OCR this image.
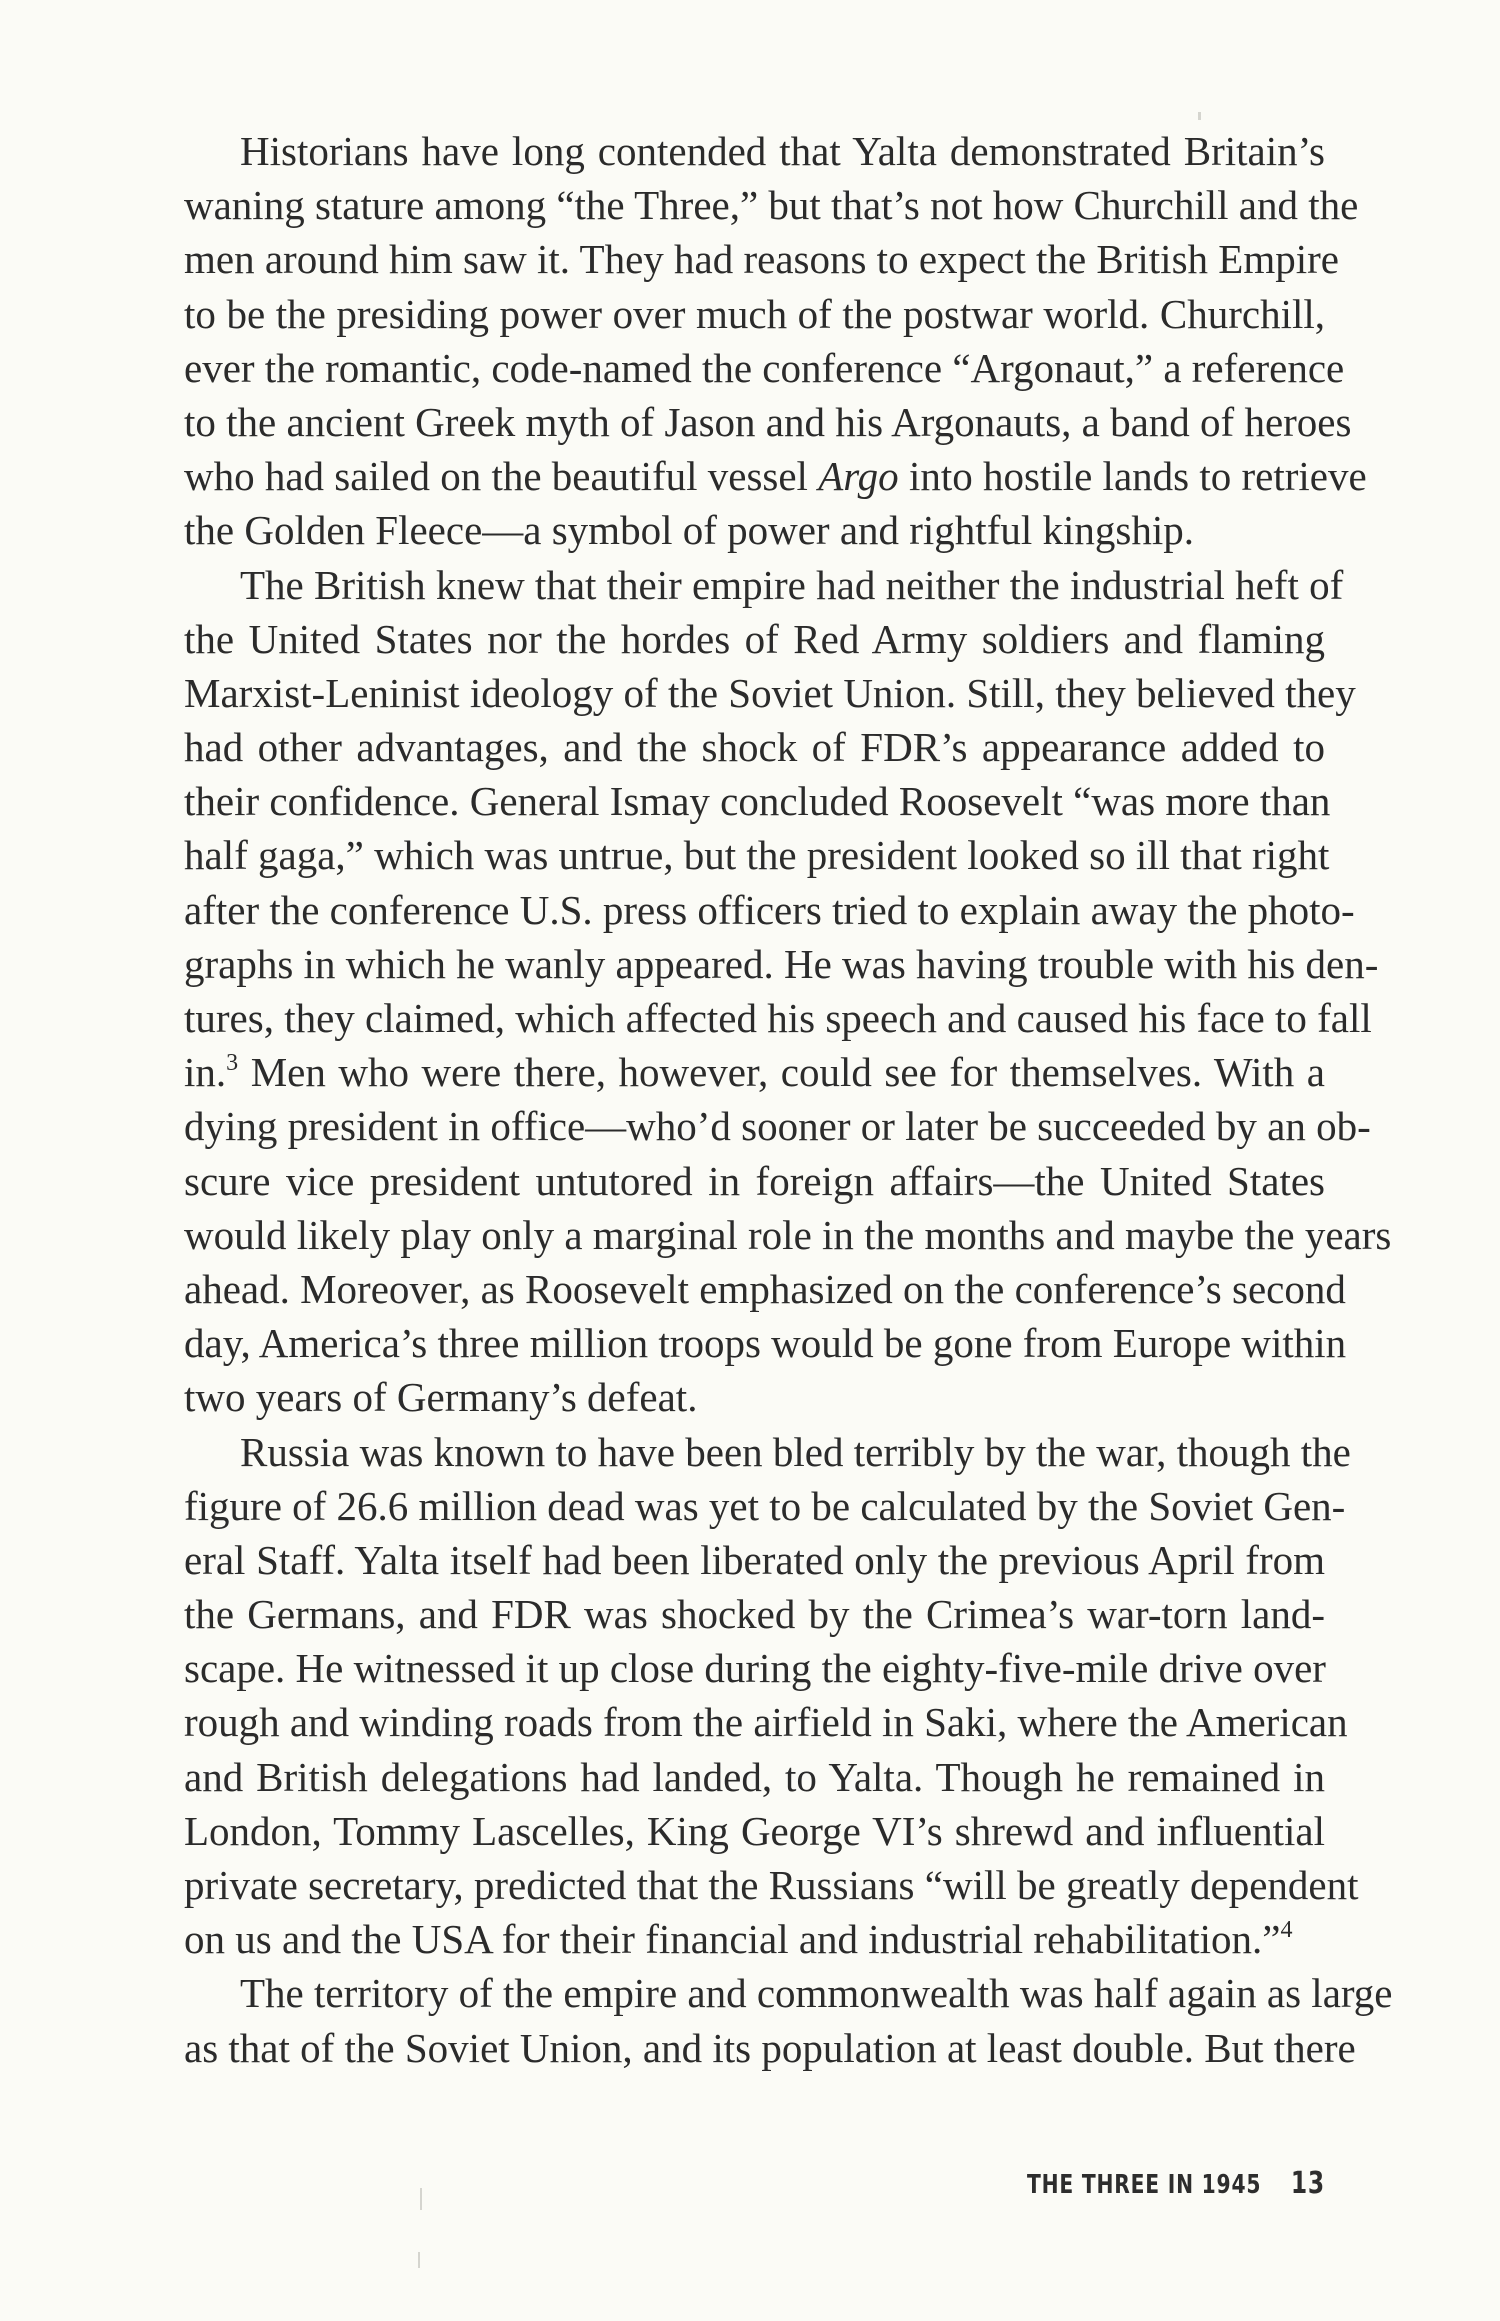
Historians have long contended that Yalta demonstrated Britain’s
waning stature among “the Three,” but that’s not how Churchill and the
men around him saw it. They had reasons to expect the British Empire
to be the presiding power over much of the postwar world. Churchill,
ever the romantic, code-named the conference “Argonaut,” a reference
to the ancient Greek myth of Jason and his Argonauts, a band of heroes
who had sailed on the beautiful vessel Argo into hostile lands to retrieve
the Golden Fleece—a symbol of power and rightful kingship.
The British knew that their empire had neither the industrial heft of
the United States nor the hordes of Red Army soldiers and flaming
Marxist-Leninist ideology of the Soviet Union. Still, they believed they
had other advantages, and the shock of FDR’s appearance added to
their confidence. General Ismay concluded Roosevelt “was more than
half gaga,” which was untrue, but the president looked so ill that right
after the conference U.S. press officers tried to explain away the photo-
graphs in which he wanly appeared. He was having trouble with his den-
tures, they claimed, which affected his speech and caused his face to fall
in.$^3$ Men who were there, however, could see for themselves. With a
dying president in office—who’d sooner or later be succeeded by an ob-
scure vice president untutored in foreign affairs—the United States
would likely play only a marginal role in the months and maybe the years
ahead. Moreover, as Roosevelt emphasized on the conference’s second
day, America’s three million troops would be gone from Europe within
two years of Germany’s defeat.
Russia was known to have been bled terribly by the war, though the
figure of 26.6 million dead was yet to be calculated by the Soviet Gen-
eral Staff. Yalta itself had been liberated only the previous April from
the Germans, and FDR was shocked by the Crimea’s war-torn land-
scape. He witnessed it up close during the eighty-five-mile drive over
rough and winding roads from the airfield in Saki, where the American
and British delegations had landed, to Yalta. Though he remained in
London, Tommy Lascelles, King George VI’s shrewd and influential
private secretary, predicted that the Russians “will be greatly dependent
on us and the USA for their financial and industrial rehabilitation.”$^4$
The territory of the empire and commonwealth was half again as large
as that of the Soviet Union, and its population at least double. But there
THE THREE IN 1945 13
